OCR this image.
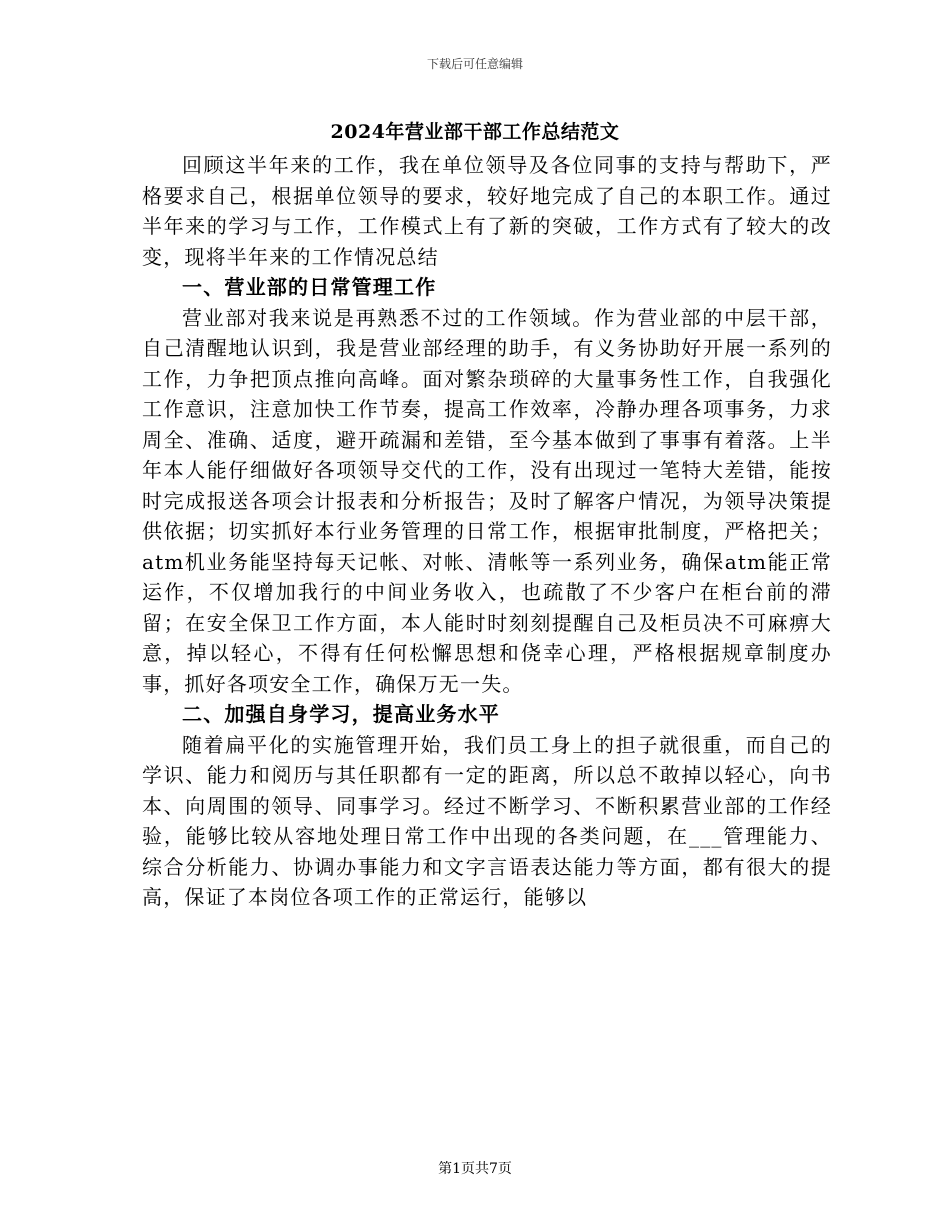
下载后可任意编辑
2024年营业部干部工作总结范文

回顾这半年来的工作，我在单位领导及各位同事的支持与帮助下，严格要求自己，根据单位领导的要求，较好地完成了自己的本职工作。通过半年来的学习与工作，工作模式上有了新的突破，工作方式有了较大的改变，现将半年来的工作情况总结

一、营业部的日常管理工作

营业部对我来说是再熟悉不过的工作领域。作为营业部的中层干部，自己清醒地认识到，我是营业部经理的助手，有义务协助好开展一系列的工作，力争把顶点推向高峰。面对繁杂琐碎的大量事务性工作，自我强化工作意识，注意加快工作节奏，提高工作效率，冷静办理各项事务，力求周全、准确、适度，避开疏漏和差错，至今基本做到了事事有着落。上半年本人能仔细做好各项领导交代的工作，没有出现过一笔特大差错，能按时完成报送各项会计报表和分析报告；及时了解客户情况，为领导决策提供依据；切实抓好本行业务管理的日常工作，根据审批制度，严格把关；atm机业务能坚持每天记帐、对帐、清帐等一系列业务，确保atm能正常运作，不仅增加我行的中间业务收入，也疏散了不少客户在柜台前的滞留；在安全保卫工作方面，本人能时时刻刻提醒自己及柜员决不可麻痹大意，掉以轻心，不得有任何松懈思想和侥幸心理，严格根据规章制度办事，抓好各项安全工作，确保万无一失。

二、加强自身学习，提高业务水平

随着扁平化的实施管理开始，我们员工身上的担子就很重，而自己的学识、能力和阅历与其任职都有一定的距离，所以总不敢掉以轻心，向书本、向周围的领导、同事学习。经过不断学习、不断积累营业部的工作经验，能够比较从容地处理日常工作中出现的各类问题，在___管理能力、综合分析能力、协调办事能力和文字言语表达能力等方面，都有很大的提高，保证了本岗位各项工作的正常运行，能够以

第1页共7页
